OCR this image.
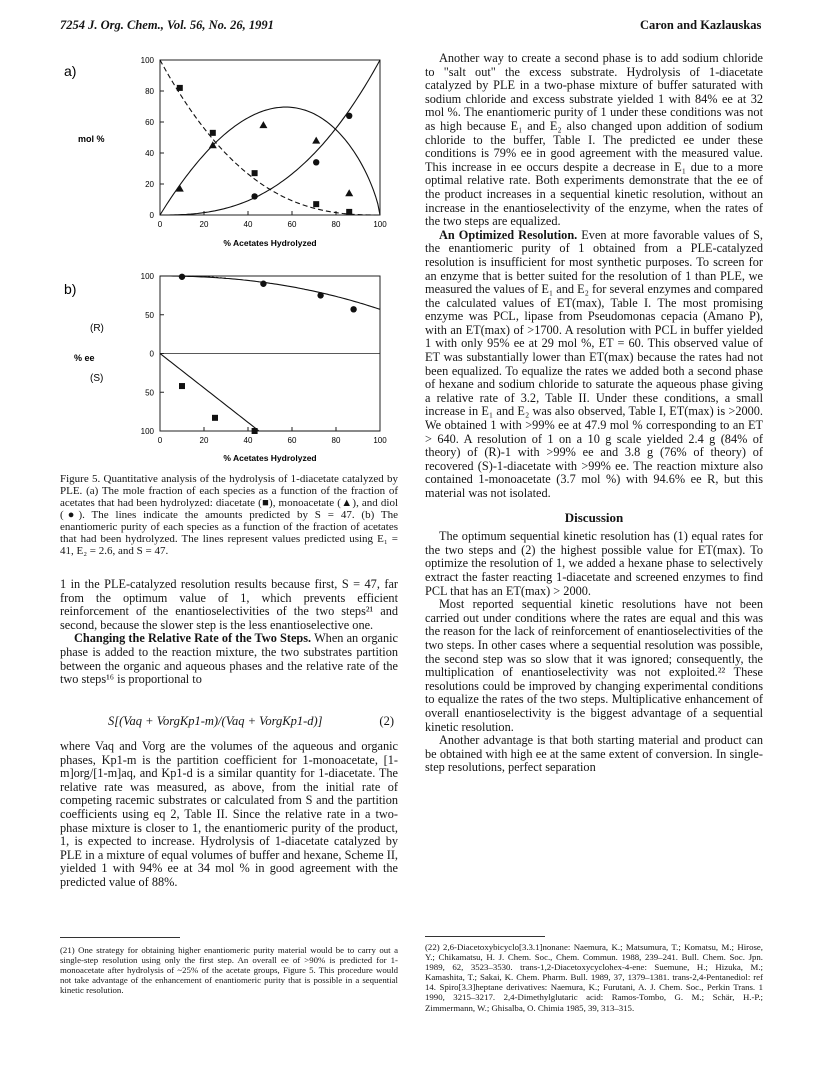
7254 J. Org. Chem., Vol. 56, No. 26, 1991	Caron and Kazlauskas
a)
mol %
100
80
60
40
20
0
0	20	40	60	80	100
% Acetates Hydrolyzed
b)
(R)
% ee
(S)
100
50
0
50
100
0	20	40	60	80	100
% Acetates Hydrolyzed
Figure 5. Quantitative analysis of the hydrolysis of 1-diacetate catalyzed by PLE. (a) The mole fraction of each species as a function of the fraction of acetates that had been hydrolyzed: diacetate (■), monoacetate (▲), and diol (●). The lines indicate the amounts predicted by S = 47. (b) The enantiomeric purity of each species as a function of the fraction of acetates that had been hydrolyzed. The lines represent values predicted using E₁ = 41, E₂ = 2.6, and S = 47.

1 in the PLE-catalyzed resolution results because first, S = 47, far from the optimum value of 1, which prevents efficient reinforcement of the enantioselectivities of the two steps²¹ and second, because the slower step is the less enantioselective one.

Changing the Relative Rate of the Two Steps. When an organic phase is added to the reaction mixture, the two substrates partition between the organic and aqueous phases and the relative rate of the two steps¹⁶ is proportional to

S[(Vaq + VorgKp1-m)/(Vaq + VorgKp1-d)]	(2)

where Vaq and Vorg are the volumes of the aqueous and organic phases, Kp1-m is the partition coefficient for 1-monoacetate, [1-m]org/[1-m]aq, and Kp1-d is a similar quantity for 1-diacetate. The relative rate was measured, as above, from the initial rate of competing racemic substrates or calculated from S and the partition coefficients using eq 2, Table II. Since the relative rate in a two-phase mixture is closer to 1, the enantiomeric purity of the product, 1, is expected to increase. Hydrolysis of 1-diacetate catalyzed by PLE in a mixture of equal volumes of buffer and hexane, Scheme II, yielded 1 with 94% ee at 34 mol % in good agreement with the predicted value of 88%.

(21) One strategy for obtaining higher enantiomeric purity material would be to carry out a single-step resolution using only the first step. An overall ee of >90% is predicted for 1-monoacetate after hydrolysis of ~25% of the acetate groups, Figure 5. This procedure would not take advantage of the enhancement of enantiomeric purity that is possible in a sequential kinetic resolution.

Another way to create a second phase is to add sodium chloride to "salt out" the excess substrate. Hydrolysis of 1-diacetate catalyzed by PLE in a two-phase mixture of buffer saturated with sodium chloride and excess substrate yielded 1 with 84% ee at 32 mol %. The enantiomeric purity of 1 under these conditions was not as high because E₁ and E₂ also changed upon addition of sodium chloride to the buffer, Table I. The predicted ee under these conditions is 79% ee in good agreement with the measured value. This increase in ee occurs despite a decrease in E₁ due to a more optimal relative rate. Both experiments demonstrate that the ee of the product increases in a sequential kinetic resolution, without an increase in the enantioselectivity of the enzyme, when the rates of the two steps are equalized.

An Optimized Resolution. Even at more favorable values of S, the enantiomeric purity of 1 obtained from a PLE-catalyzed resolution is insufficient for most synthetic purposes. To screen for an enzyme that is better suited for the resolution of 1 than PLE, we measured the values of E₁ and E₂ for several enzymes and compared the calculated values of ET(max), Table I. The most promising enzyme was PCL, lipase from Pseudomonas cepacia (Amano P), with an ET(max) of >1700. A resolution with PCL in buffer yielded 1 with only 95% ee at 29 mol %, ET = 60. This observed value of ET was substantially lower than ET(max) because the rates had not been equalized. To equalize the rates we added both a second phase of hexane and sodium chloride to saturate the aqueous phase giving a relative rate of 3.2, Table II. Under these conditions, a small increase in E₁ and E₂ was also observed, Table I, ET(max) is >2000. We obtained 1 with >99% ee at 47.9 mol % corresponding to an ET > 640. A resolution of 1 on a 10 g scale yielded 2.4 g (84% of theory) of (R)-1 with >99% ee and 3.8 g (76% of theory) of recovered (S)-1-diacetate with >99% ee. The reaction mixture also contained 1-monoacetate (3.7 mol %) with 94.6% ee R, but this material was not isolated.

Discussion

The optimum sequential kinetic resolution has (1) equal rates for the two steps and (2) the highest possible value for ET(max). To optimize the resolution of 1, we added a hexane phase to selectively extract the faster reacting 1-diacetate and screened enzymes to find PCL that has an ET(max) > 2000.

Most reported sequential kinetic resolutions have not been carried out under conditions where the rates are equal and this was the reason for the lack of reinforcement of enantioselectivities of the two steps. In other cases where a sequential resolution was possible, the second step was so slow that it was ignored; consequently, the multiplication of enantioselectivity was not exploited.²² These resolutions could be improved by changing experimental conditions to equalize the rates of the two steps. Multiplicative enhancement of overall enantioselectivity is the biggest advantage of a sequential kinetic resolution.

Another advantage is that both starting material and product can be obtained with high ee at the same extent of conversion. In single-step resolutions, perfect separation

(22) 2,6-Diacetoxybicyclo[3.3.1]nonane: Naemura, K.; Matsumura, T.; Komatsu, M.; Hirose, Y.; Chikamatsu, H. J. Chem. Soc., Chem. Commun. 1988, 239–241. Bull. Chem. Soc. Jpn. 1989, 62, 3523–3530. trans-1,2-Diacetoxycyclohex-4-ene: Suemune, H.; Hizuka, M.; Kamashita, T.; Sakai, K. Chem. Pharm. Bull. 1989, 37, 1379–1381. trans-2,4-Pentanediol: ref 14. Spiro[3.3]heptane derivatives: Naemura, K.; Furutani, A. J. Chem. Soc., Perkin Trans. 1 1990, 3215–3217. 2,4-Dimethylglutaric acid: Ramos-Tombo, G. M.; Schär, H.-P.; Zimmermann, W.; Ghisalba, O. Chimia 1985, 39, 313–315.
